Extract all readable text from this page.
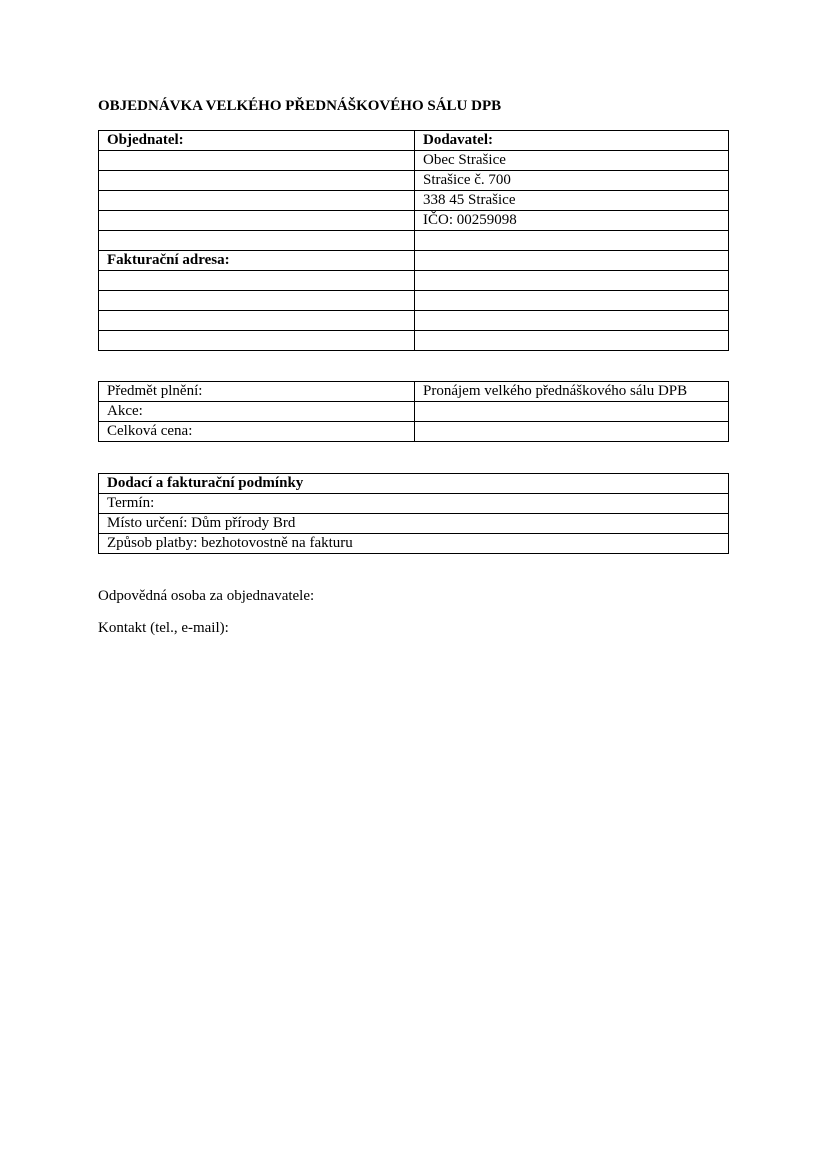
OBJEDNÁVKA VELKÉHO PŘEDNÁŠKOVÉHO SÁLU DPB
Objednatel:	Dodavatel:
	Obec Strašice
	Strašice č. 700
	338 45 Strašice
	IČO: 00259098

Fakturační adresa:	

Předmět plnění:	Pronájem velkého přednáškového sálu DPB
Akce:	
Celková cena:	
Dodací a fakturační podmínky
Termín:
Místo určení: Dům přírody Brd
Způsob platby: bezhotovostně na fakturu
Odpovědná osoba za objednavatele:
Kontakt (tel., e-mail):
